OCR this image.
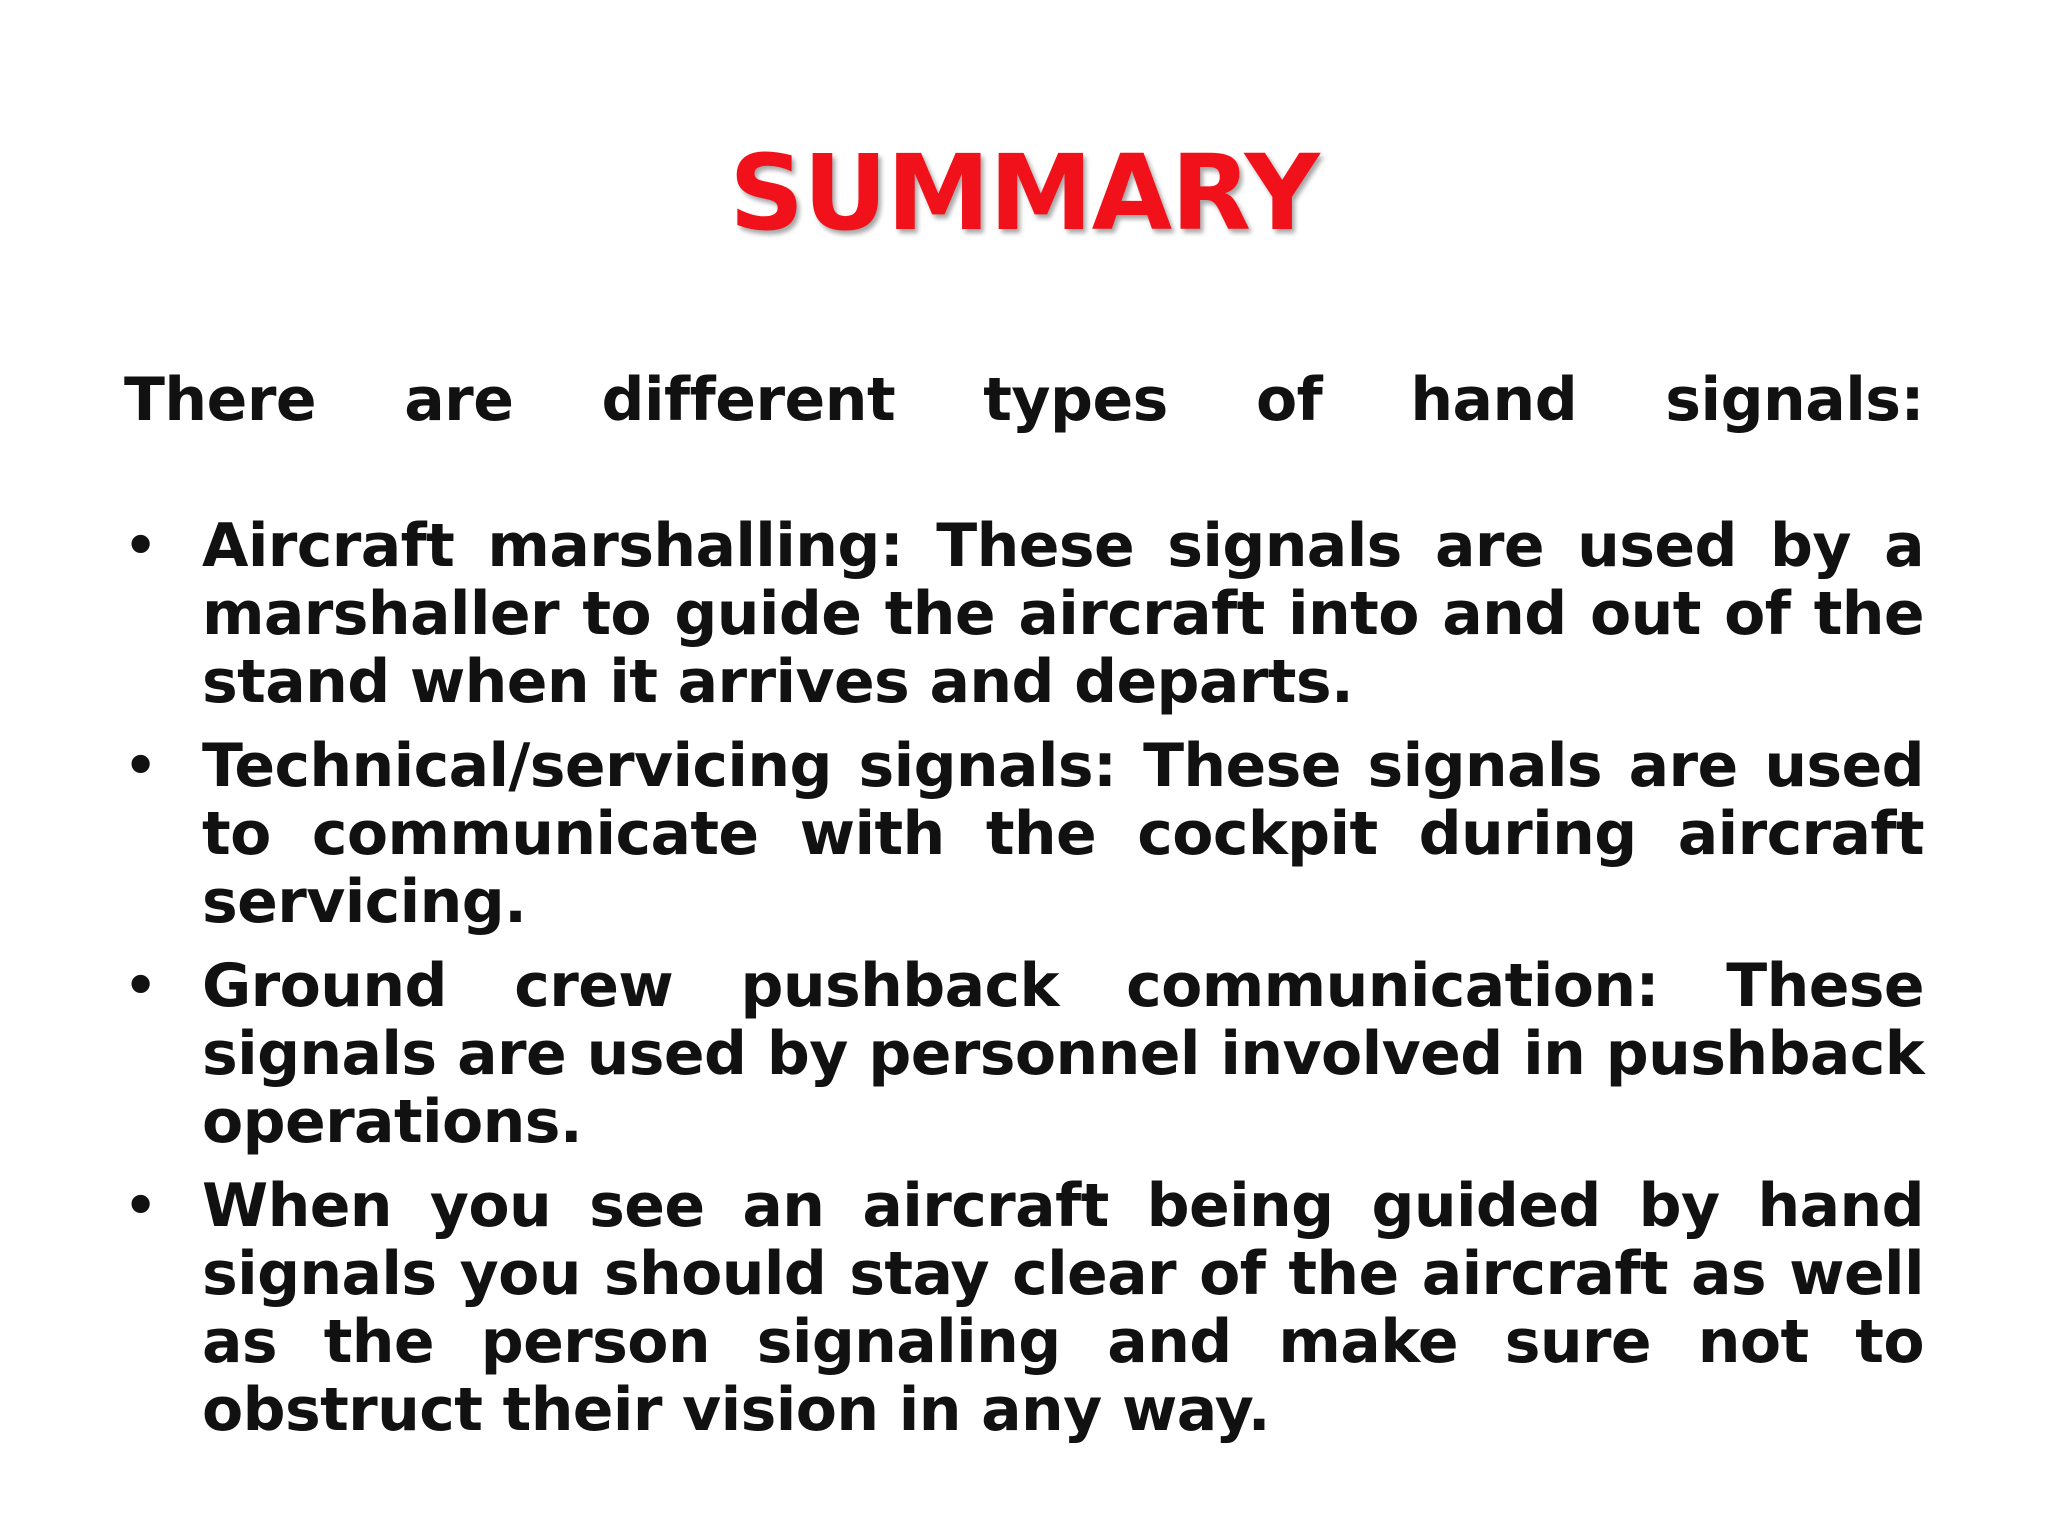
SUMMARY

There are different types of hand signals:

• Aircraft marshalling: These signals are used by a marshaller to guide the aircraft into and out of the stand when it arrives and departs.
• Technical/servicing signals: These signals are used to communicate with the cockpit during aircraft servicing.
• Ground crew pushback communication: These signals are used by personnel involved in pushback operations.
• When you see an aircraft being guided by hand signals you should stay clear of the aircraft as well as the person signaling and make sure not to obstruct their vision in any way.
